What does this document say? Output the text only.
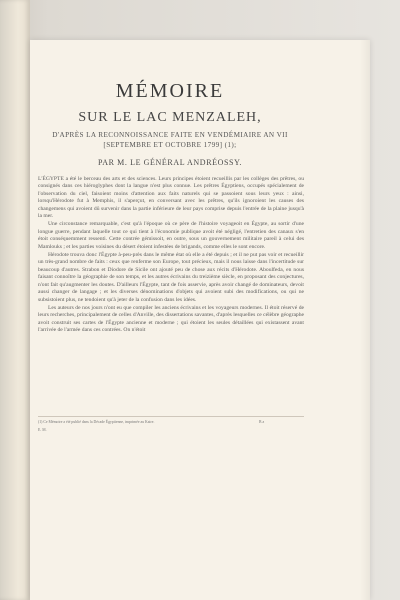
MÉMOIRE
SUR LE LAC MENZALEH,
D'APRÈS LA RECONNOISSANCE FAITE EN VENDÉMIAIRE AN VII
[SEPTEMBRE ET OCTOBRE 1799] (1);
PAR M. LE GÉNÉRAL ANDRÉOSSY.

L'ÉGYPTE a été le berceau des arts et des sciences. Leurs principes étoient recueillis par les collèges des prêtres, ou consignés dans ces hiéroglyphes dont la langue n'est plus connue. Les prêtres Égyptiens, occupés spécialement de l'observation du ciel, faisoient moins d'attention aux faits naturels qui se passoient sous leurs yeux : ainsi, lorsqu'Hérodote fut à Memphis, il s'aperçut, en conversant avec les prêtres, qu'ils ignoroient les causes des changemens qui avoient dû survenir dans la partie inférieure de leur pays comprise depuis l'entrée de la plaine jusqu'à la mer.

Une circonstance remarquable, c'est qu'à l'époque où ce père de l'histoire voyageoit en Égypte, au sortir d'une longue guerre, pendant laquelle tout ce qui tient à l'économie publique avoit été négligé, l'entretien des canaux s'en étoit conséquemment ressenti. Cette contrée gémissoit, en outre, sous un gouvernement militaire pareil à celui des Mamlouks ; et les parties voisines du désert étoient infestées de brigands, comme elles le sont encore.

Hérodote trouva donc l'Égypte à-peu-près dans le même état où elle a été depuis ; et il ne put pas voir et recueillir un très-grand nombre de faits : ceux que renferme son Europe, tout précieux, mais il nous laisse dans l'incertitude sur beaucoup d'autres. Strabon et Diodore de Sicile ont ajouté peu de chose aux récits d'Hérodote. Aboulfeda, en nous faisant connoître la géographie de son temps, et les autres écrivains du treizième siècle, en proposant des conjectures, n'ont fait qu'augmenter les doutes. D'ailleurs l'Égypte, tant de fois asservie, après avoir changé de dominateurs, devoit aussi changer de langage ; et les diverses dénominations d'objets qui avoient subi des modifications, ou qui ne subsistoient plus, ne tendoient qu'à jeter de la confusion dans les idées.

Les auteurs de nos jours n'ont eu que compiler les anciens écrivains et les voyageurs modernes. Il étoit réservé de leurs recherches, principalement de celles d'Anville, des dissertations savantes, d'après lesquelles ce célèbre géographe avoit construit ses cartes de l'Égypte ancienne et moderne ; qui étoient les seules détaillées qui existassent avant l'arrivée de l'armée dans ces contrées. On n'étoit

(1) Ce Mémoire a été publié dans la Décade Égyptienne, imprimée au Kaire.
E. M.
B a
